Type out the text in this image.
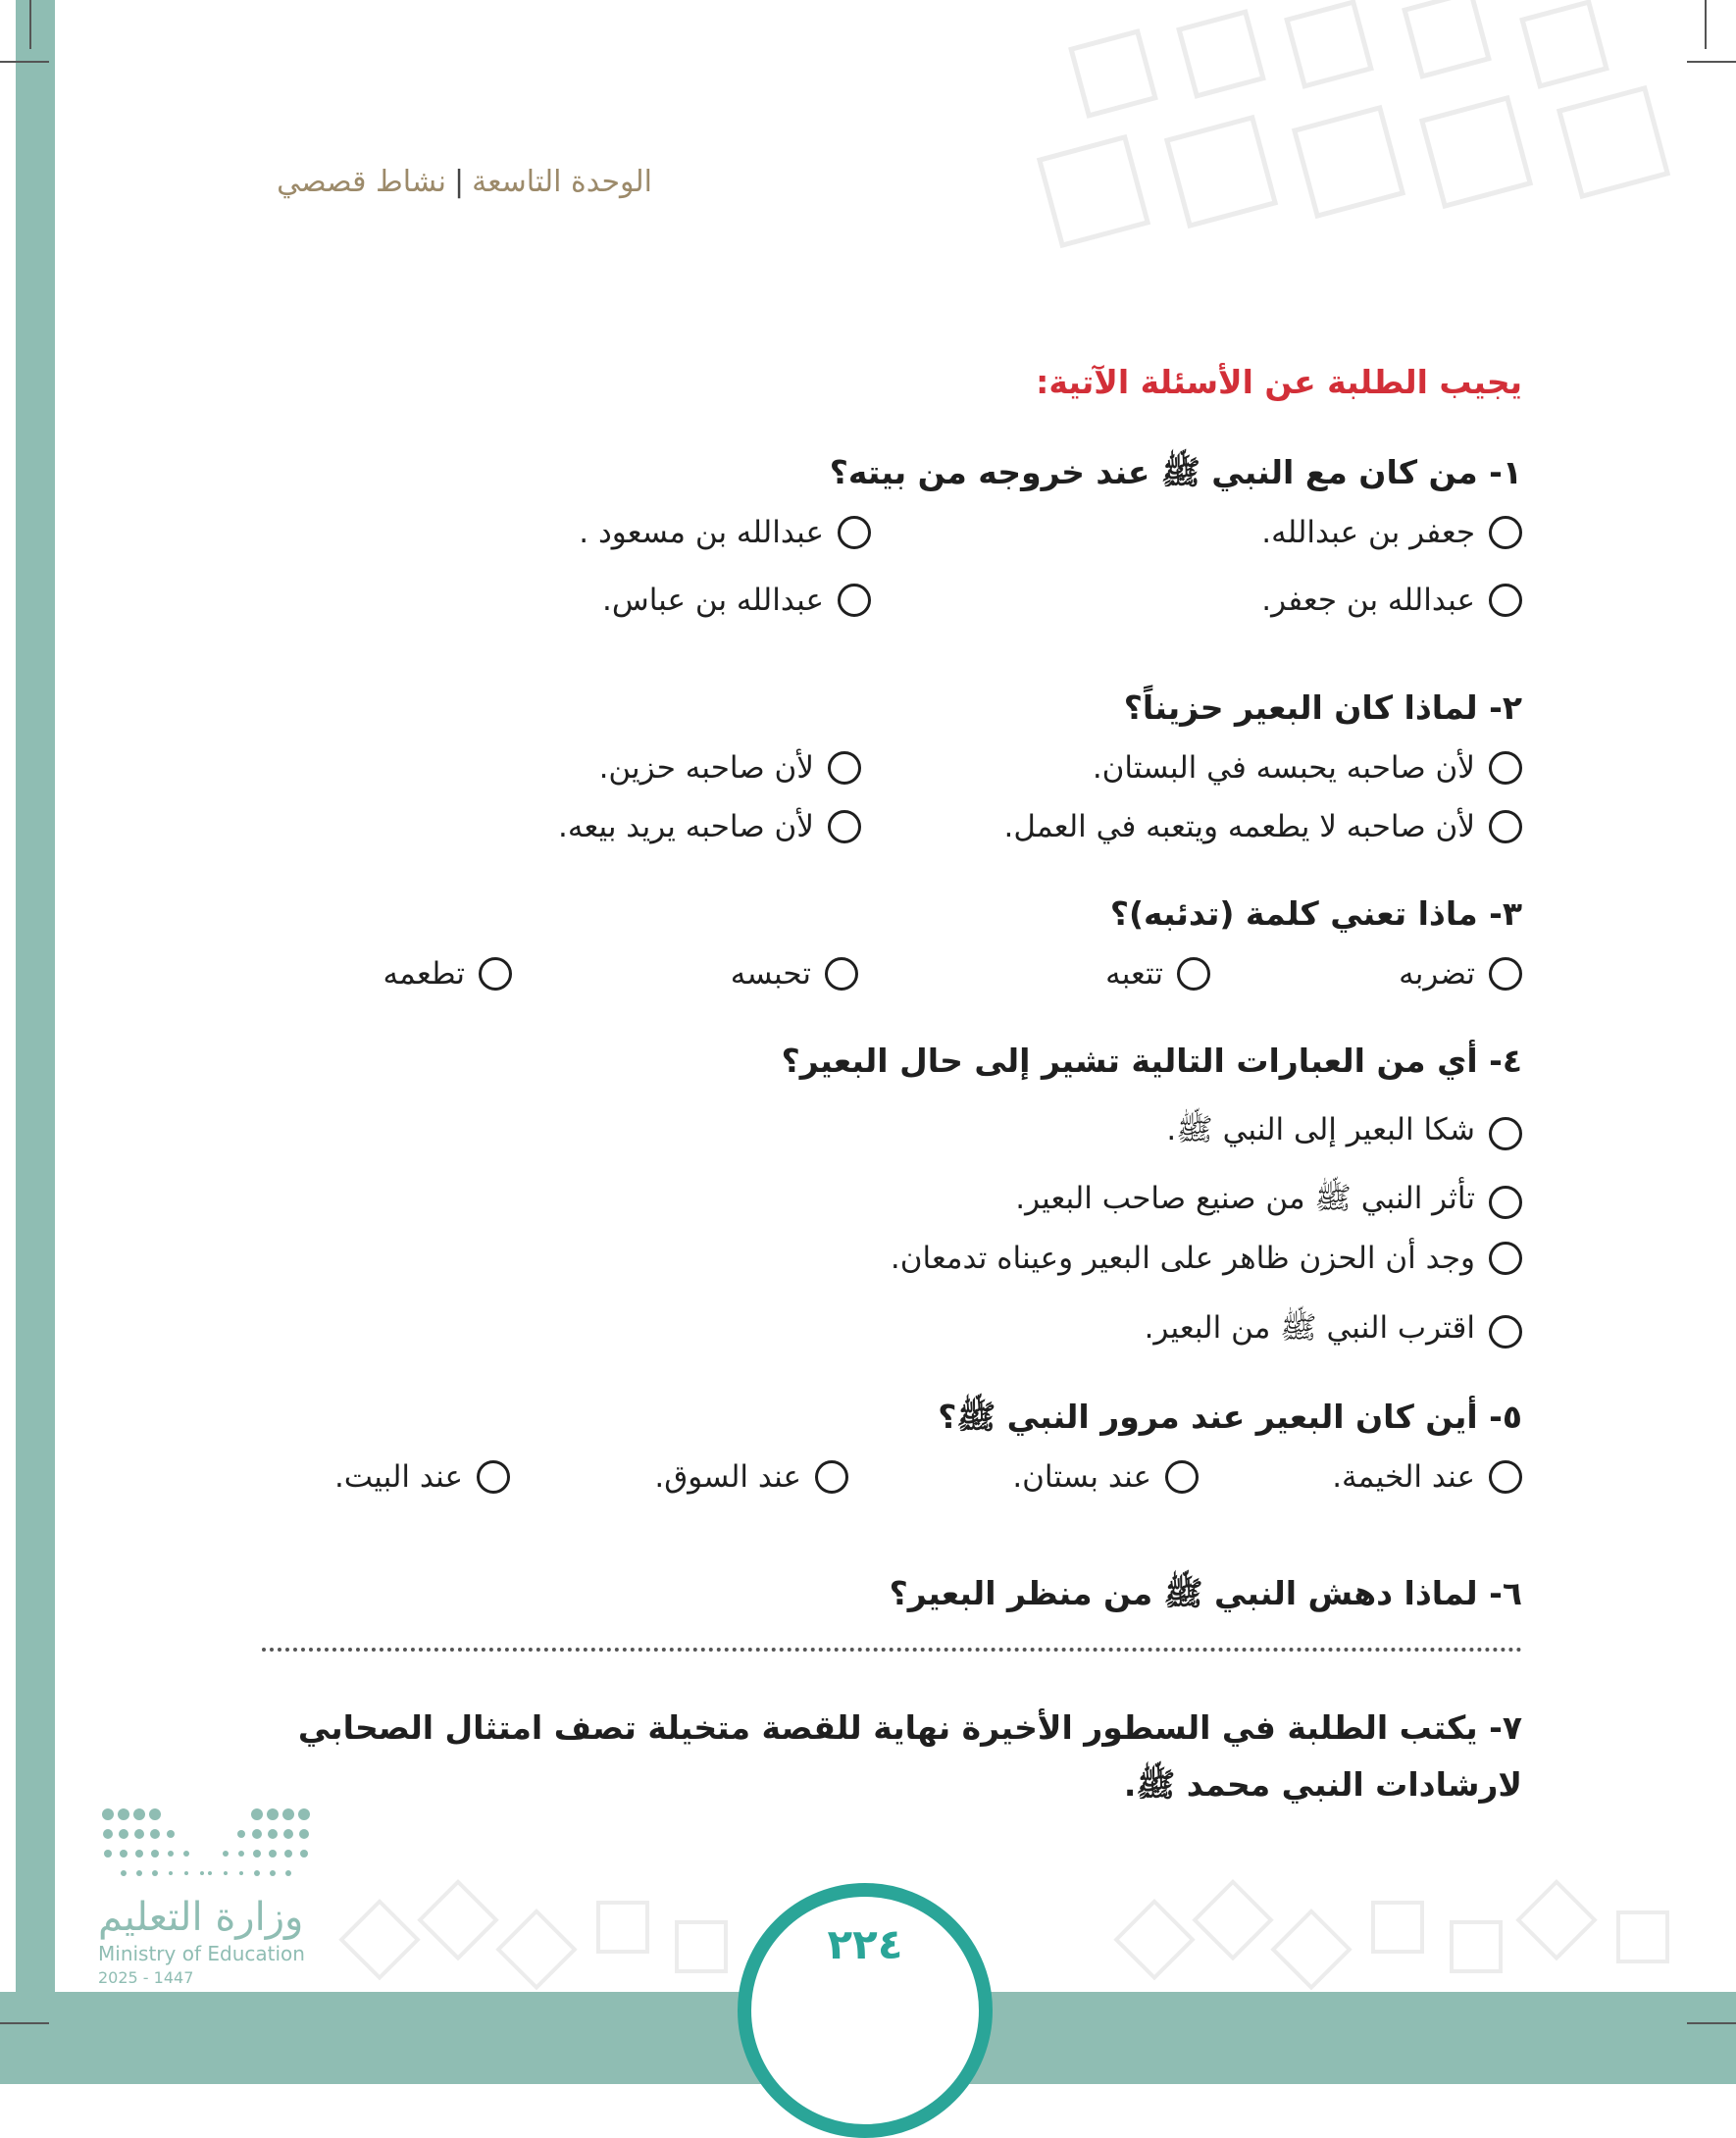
الوحدة التاسعة|نشاط قصصي
يجيب الطلبة عن الأسئلة الآتية:
١- من كان مع النبي ﷺ عند خروجه من بيته؟
جعفر بن عبدالله.
عبدالله بن مسعود .
عبدالله بن جعفر.
عبدالله بن عباس.
٢- لماذا كان البعير حزيناً؟
لأن صاحبه يحبسه في البستان.
لأن صاحبه حزين.
لأن صاحبه لا يطعمه ويتعبه في العمل.
لأن صاحبه يريد بيعه.
٣- ماذا تعني كلمة (تدئبه)؟
تضربه
تتعبه
تحبسه
تطعمه
٤- أي من العبارات التالية تشير إلى حال البعير؟
شكا البعير إلى النبي ﷺ.
تأثر النبي ﷺ من صنيع صاحب البعير.
وجد أن الحزن ظاهر على البعير وعيناه تدمعان.
اقترب النبي ﷺ من البعير.
٥- أين كان البعير عند مرور النبي ﷺ؟
عند الخيمة.
عند بستان.
عند السوق.
عند البيت.
٦- لماذا دهش النبي ﷺ من منظر البعير؟
٧- يكتب الطلبة في السطور الأخيرة نهاية للقصة متخيلة تصف امتثال الصحابي
لارشادات النبي محمد ﷺ.
وزارة التعليم
Ministry of Education
2025 - 1447
٢٢٤
